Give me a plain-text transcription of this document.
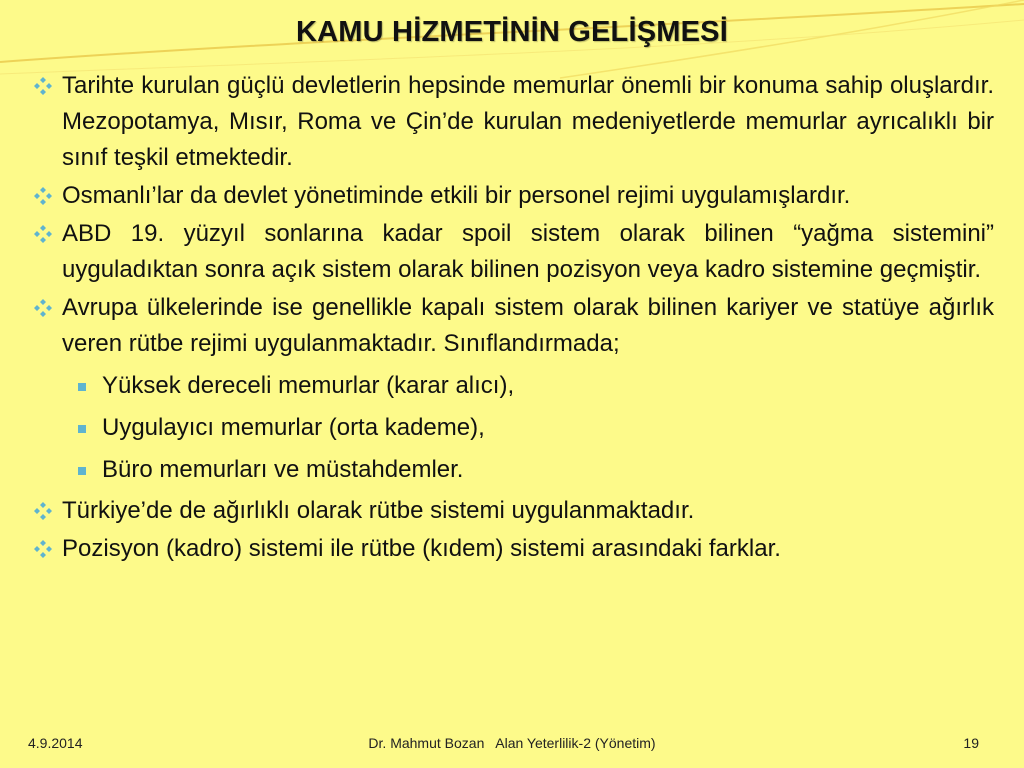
KAMU HİZMETİNİN GELİŞMESİ
Tarihte kurulan güçlü devletlerin hepsinde memurlar önemli bir konuma sahip oluşlardır. Mezopotamya, Mısır, Roma ve Çin’de kurulan medeniyetlerde memurlar ayrıcalıklı bir sınıf teşkil etmektedir.
Osmanlı’lar da devlet yönetiminde etkili bir personel rejimi uygulamışlardır.
ABD 19. yüzyıl sonlarına kadar spoil sistem olarak bilinen “yağma sistemini” uyguladıktan sonra açık sistem olarak bilinen pozisyon veya kadro sistemine geçmiştir.
Avrupa ülkelerinde ise genellikle kapalı sistem olarak bilinen kariyer ve statüye ağırlık veren rütbe rejimi uygulanmaktadır. Sınıflandırmada;
Yüksek dereceli memurlar (karar alıcı),
Uygulayıcı memurlar (orta kademe),
Büro memurları ve müstahdemler.
Türkiye’de de ağırlıklı olarak rütbe sistemi uygulanmaktadır.
Pozisyon (kadro) sistemi ile rütbe (kıdem) sistemi arasındaki farklar.
4.9.2014	Dr. Mahmut Bozan   Alan Yeterlilik-2 (Yönetim)	19
